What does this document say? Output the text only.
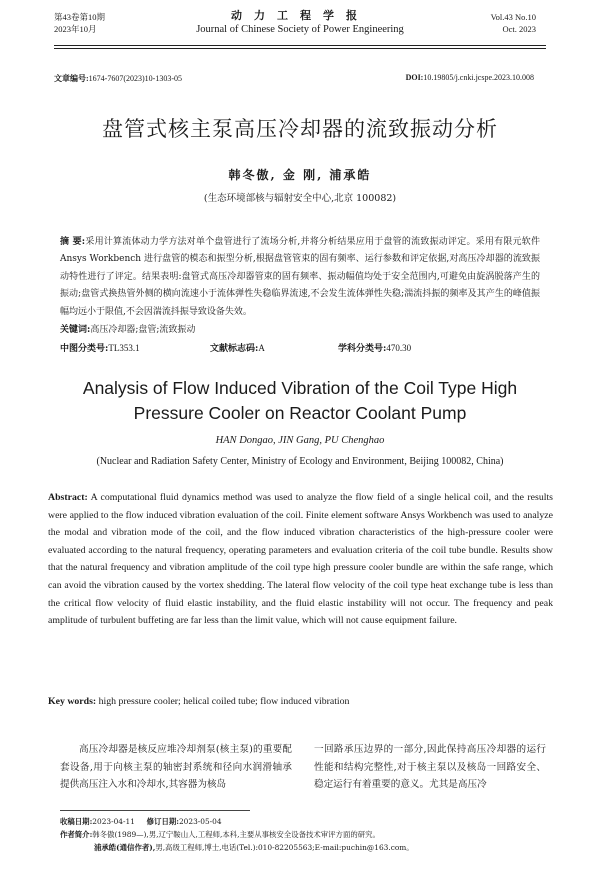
第43卷第10期
2023年10月
动力工程学报
Journal of Chinese Society of Power Engineering
Vol.43 No.10
Oct. 2023
文章编号:1674-7607(2023)10-1303-05	DOI:10.19805/j.cnki.jcspe.2023.10.008
盘管式核主泵高压冷却器的流致振动分析
韩冬傲, 金 刚, 浦承皓
(生态环境部核与辐射安全中心,北京 100082)
摘 要:采用计算流体动力学方法对单个盘管进行了流场分析,并将分析结果应用于盘管的流致振动评定。采用有限元软件 Ansys Workbench 进行盘管的模态和振型分析,根据盘管管束的固有频率、运行参数和评定依据,对高压冷却器的流致振动特性进行了评定。结果表明:盘管式高压冷却器管束的固有频率、振动幅值均处于安全范围内,可避免由旋涡脱落产生的振动;盘管式换热管外侧的横向流速小于流体弹性失稳临界流速,不会发生流体弹性失稳;湍流抖振的频率及其产生的峰值振幅均远小于限值,不会因湍流抖振导致设备失效。
关键词:高压冷却器;盘管;流致振动
中图分类号:TL353.1	文献标志码:A	学科分类号:470.30
Analysis of Flow Induced Vibration of the Coil Type High Pressure Cooler on Reactor Coolant Pump
HAN Dongao, JIN Gang, PU Chenghao
(Nuclear and Radiation Safety Center, Ministry of Ecology and Environment, Beijing 100082, China)
Abstract: A computational fluid dynamics method was used to analyze the flow field of a single helical coil, and the results were applied to the flow induced vibration evaluation of the coil. Finite element software Ansys Workbench was used to analyze the modal and vibration mode of the coil, and the flow induced vibration characteristics of the high-pressure cooler were evaluated according to the natural frequency, operating parameters and evaluation criteria of the coil tube bundle. Results show that the natural frequency and vibration amplitude of the coil type high pressure cooler bundle are within the safe range, which can avoid the vibration caused by the vortex shedding. The lateral flow velocity of the coil type heat exchange tube is less than the critical flow velocity of fluid elastic instability, and the fluid elastic instability will not occur. The frequency and peak amplitude of turbulent buffeting are far less than the limit value, which will not cause equipment failure.
Key words: high pressure cooler; helical coiled tube; flow induced vibration
高压冷却器是核反应堆冷却剂泵(核主泵)的重要配套设备,用于向核主泵的轴密封系统和径向水润滑轴承提供高压注入水和冷却水,其容器为核岛
一回路承压边界的一部分,因此保持高压冷却器的运行性能和结构完整性,对于核主泵以及核岛一回路安全、稳定运行有着重要的意义。尤其是高压冷
收稿日期:2023-04-11 修订日期:2023-05-04
作者简介:韩冬傲(1989—),男,辽宁鞍山人,工程师,本科,主要从事核安全设备技术审评方面的研究。
浦承皓(通信作者),男,高级工程师,博士,电话(Tel.):010-82205563;E-mail:puchin@163.com。
